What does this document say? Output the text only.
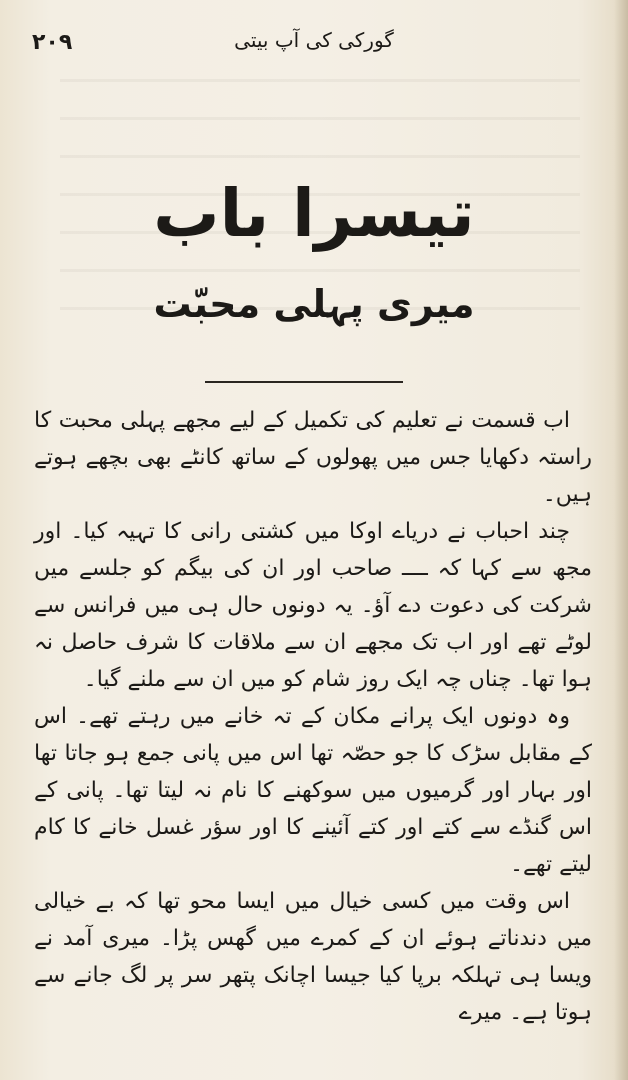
۲۰۹	گورکی کی آپ بیتی
تیسرا باب
میری پہلی محبّت

اب قسمت نے تعلیم کی تکمیل کے لیے مجھے پہلی محبت کا راستہ دکھایا جس میں پھولوں کے ساتھ کانٹے بھی بچھے ہوتے ہیں۔

چند احباب نے دریاے اوکا میں کشتی رانی کا تہیہ کیا۔ اور مجھ سے کہا کہ ــــ صاحب اور ان کی بیگم کو جلسے میں شرکت کی دعوت دے آؤ۔ یہ دونوں حال ہی میں فرانس سے لوٹے تھے اور اب تک مجھے ان سے ملاقات کا شرف حاصل نہ ہوا تھا۔ چناں چہ ایک روز شام کو میں ان سے ملنے گیا۔

وہ دونوں ایک پرانے مکان کے تہ خانے میں رہتے تھے۔ اس کے مقابل سڑک کا جو حصّہ تھا اس میں پانی جمع ہو جاتا تھا اور بہار اور گرمیوں میں سوکھنے کا نام نہ لیتا تھا۔ پانی کے اس گنڈے سے کتے اور کتے آئینے کا اور سؤر غسل خانے کا کام لیتے تھے۔

اس وقت میں کسی خیال میں ایسا محو تھا کہ بے خیالی میں دندناتے ہوئے ان کے کمرے میں گھس پڑا۔ میری آمد نے ویسا ہی تہلکہ برپا کیا جیسا اچانک پتھر سر پر لگ جانے سے ہوتا ہے۔ میرے
